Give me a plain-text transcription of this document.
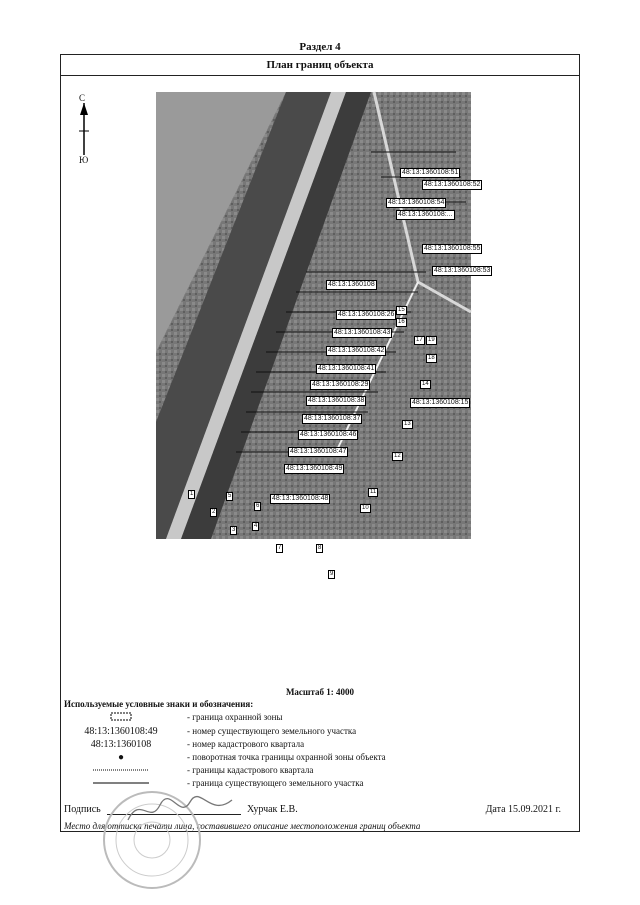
Раздел 4
План границ объекта
С
Ю
48:13:1360108:51
48:13:1360108:52
48:13:1360108:54
48:13:1360108:...
48:13:1360108:55
48:13:1360108:53
48:13:1360108
48:13:1360108:26
48:13:1360108:43
48:13:1360108:42
48:13:1360108:41
48:13:1360108:29
48:13:1360108:38
48:13:1360108:37
48:13:1360108:46
48:13:1360108:47
48:13:1360108:49
48:13:1360108:48
48:13:1360108:15
1
2
3
4
5
6
7	8
9
10
11
12
13
14
15
16
17
18
19
Масштаб 1: 4000
Используемые условные знаки и обозначения:
- граница охранной зоны
48:13:1360108:49	- номер существующего земельного участка
48:13:1360108	- номер кадастрового квартала
●	- поворотная точка границы охранной зоны объекта
- границы кадастрового квартала
- граница существующего земельного участка
Подпись	Хурчак Е.В.	Дата 15.09.2021 г.
Место для оттиска печати лица, составившего описание местоположения границ объекта
